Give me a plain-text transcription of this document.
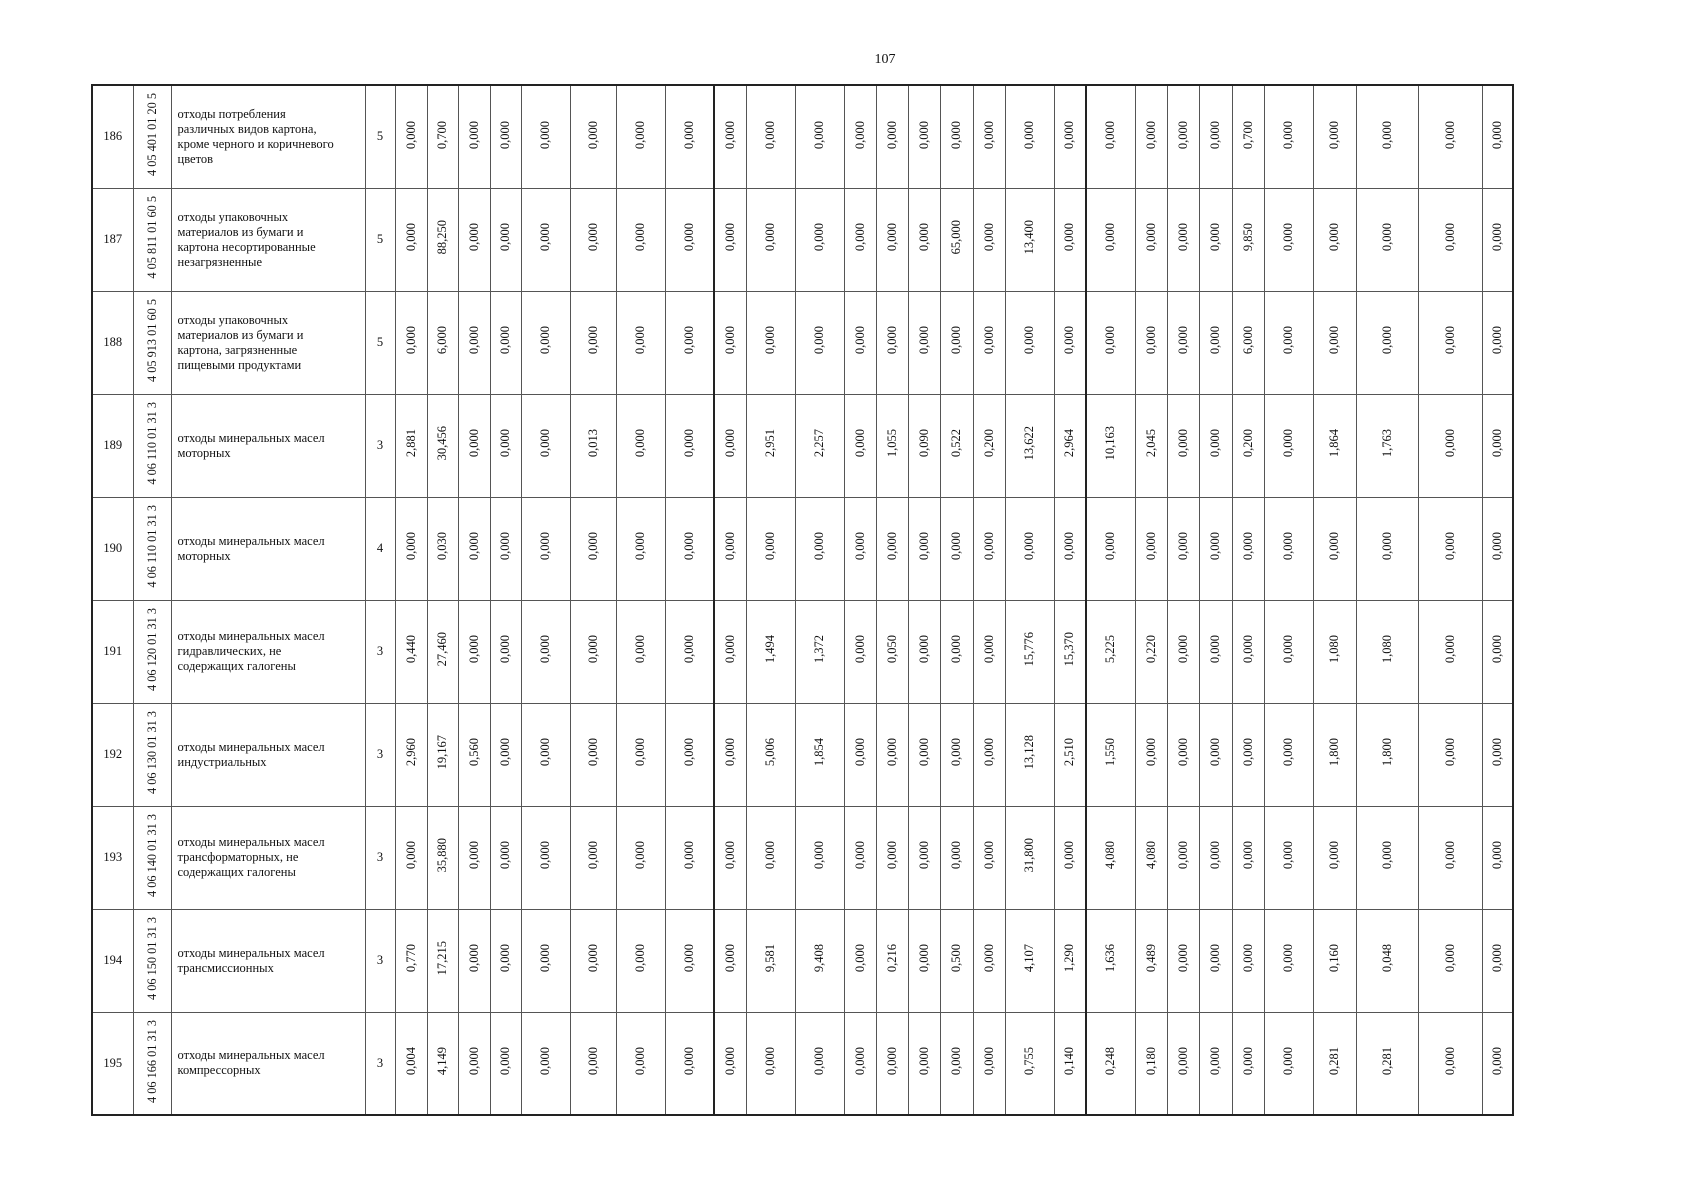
107
186	4 05 401 01 20 5	отходы потребления
различных видов картона,
кроме черного и коричневого
цветов	5	0,000	0,700	0,000	0,000	0,000	0,000	0,000	0,000	0,000	0,000	0,000	0,000	0,000	0,000	0,000	0,000	0,000	0,000	0,000	0,000	0,000	0,000	0,700	0,000	0,000	0,000	0,000	0,000	
187	4 05 811 01 60 5	отходы упаковочных
материалов из бумаги и
картона несортированные
незагрязненные	5	0,000	88,250	0,000	0,000	0,000	0,000	0,000	0,000	0,000	0,000	0,000	0,000	0,000	0,000	65,000	0,000	13,400	0,000	0,000	0,000	0,000	0,000	9,850	0,000	0,000	0,000	0,000	0,000	
188	4 05 913 01 60 5	отходы упаковочных
материалов из бумаги и
картона, загрязненные
пищевыми продуктами	5	0,000	6,000	0,000	0,000	0,000	0,000	0,000	0,000	0,000	0,000	0,000	0,000	0,000	0,000	0,000	0,000	0,000	0,000	0,000	0,000	0,000	0,000	6,000	0,000	0,000	0,000	0,000	0,000	
189	4 06 110 01 31 3	отходы минеральных масел
моторных	3	2,881	30,456	0,000	0,000	0,000	0,013	0,000	0,000	0,000	2,951	2,257	0,000	1,055	0,090	0,522	0,200	13,622	2,964	10,163	2,045	0,000	0,000	0,200	0,000	1,864	1,763	0,000	0,000	
190	4 06 110 01 31 3	отходы минеральных масел
моторных	4	0,000	0,030	0,000	0,000	0,000	0,000	0,000	0,000	0,000	0,000	0,000	0,000	0,000	0,000	0,000	0,000	0,000	0,000	0,000	0,000	0,000	0,000	0,000	0,000	0,000	0,000	0,000	0,000	
191	4 06 120 01 31 3	отходы минеральных масел
гидравлических, не
содержащих галогены	3	0,440	27,460	0,000	0,000	0,000	0,000	0,000	0,000	0,000	1,494	1,372	0,000	0,050	0,000	0,000	0,000	15,776	15,370	5,225	0,220	0,000	0,000	0,000	0,000	1,080	1,080	0,000	0,000	
192	4 06 130 01 31 3	отходы минеральных масел
индустриальных	3	2,960	19,167	0,560	0,000	0,000	0,000	0,000	0,000	0,000	5,006	1,854	0,000	0,000	0,000	0,000	0,000	13,128	2,510	1,550	0,000	0,000	0,000	0,000	0,000	1,800	1,800	0,000	0,000	
193	4 06 140 01 31 3	отходы минеральных масел
трансформаторных, не
содержащих галогены	3	0,000	35,880	0,000	0,000	0,000	0,000	0,000	0,000	0,000	0,000	0,000	0,000	0,000	0,000	0,000	0,000	31,800	0,000	4,080	4,080	0,000	0,000	0,000	0,000	0,000	0,000	0,000	0,000	
194	4 06 150 01 31 3	отходы минеральных масел
трансмиссионных	3	0,770	17,215	0,000	0,000	0,000	0,000	0,000	0,000	0,000	9,581	9,408	0,000	0,216	0,000	0,500	0,000	4,107	1,290	1,636	0,489	0,000	0,000	0,000	0,000	0,160	0,048	0,000	0,000	
195	4 06 166 01 31 3	отходы минеральных масел
компрессорных	3	0,004	4,149	0,000	0,000	0,000	0,000	0,000	0,000	0,000	0,000	0,000	0,000	0,000	0,000	0,000	0,000	0,755	0,140	0,248	0,180	0,000	0,000	0,000	0,000	0,281	0,281	0,000	0,000	
